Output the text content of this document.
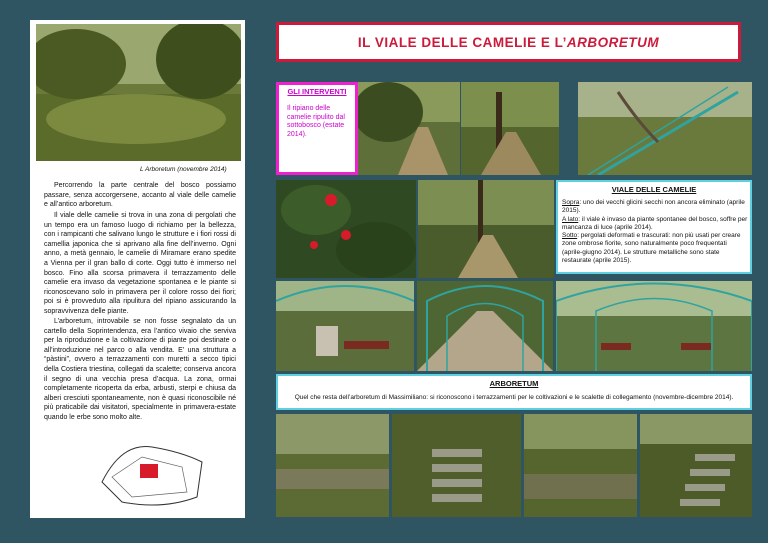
IL VIALE DELLE CAMELIE E L’ARBORETUM
L Arboretum (novembre 2014)

Percorrendo la parte centrale del bosco possiamo passare, senza accorgersene, accanto al viale delle camelie e all’antico arboretum.

Il viale delle camelie si trova in una zona di pergolati che un tempo era un famoso luogo di richiamo per la bellezza, con i rampicanti che salivano lungo le strutture e i fiori rossi di camellia japonica che si aprivano alla fine dell’inverno. Ogni anno, a metà gennaio, le camelie di Miramare erano spedite a Vienna per il gran ballo di corte. Oggi tutto è immerso nel bosco. Fino alla scorsa primavera il terrazzamento delle camelie era invaso da vegetazione spontanea e le piante si riconoscevano solo in primavera per il colore rosso dei fiori; poi si è provveduto alla ripulitura del ripiano assicurando la sopravvivenza delle piante.

L’arboretum, introvabile se non fosse segnalato da un cartello della Soprintendenza, era l’antico vivaio che serviva per la riproduzione e la coltivazione di piante poi destinate o all’introduzione nel parco o alla vendita. E’ una struttura a “pàstini”, ovvero a terrazzamenti con muretti a secco tipici della Costiera triestina, collegati da scalette; conserva ancora il segno di una vecchia presa d’acqua. La zona, ormai completamente ricoperta da erba, arbusti, sterpi e chiusa da alberi cresciuti spontaneamente, non è quasi riconoscibile né più praticabile dai visitatori, specialmente in primavera-estate quando le erbe sono molto alte.

GLI INTERVENTI
Il ripiano delle camelie ripulito dal sottobosco (estate 2014).
VIALE DELLE CAMELIE
Sopra: uno dei vecchi glicini secchi non ancora eliminato (aprile 2015).
A lato: il viale è invaso da piante spontanee del bosco, soffre per mancanza di luce (aprile 2014).
Sotto: pergolati deformati e trascurati: non più usati per creare zone ombrose fiorite, sono naturalmente poco frequentati (aprile-giugno 2014). Le strutture metalliche sono state restaurate (aprile 2015).
ARBORETUM
Quel che resta dell’arboretum di Massimiliano: si riconoscono i terrazzamenti per le coltivazioni e le scalette di collegamento (novembre-dicembre 2014).
